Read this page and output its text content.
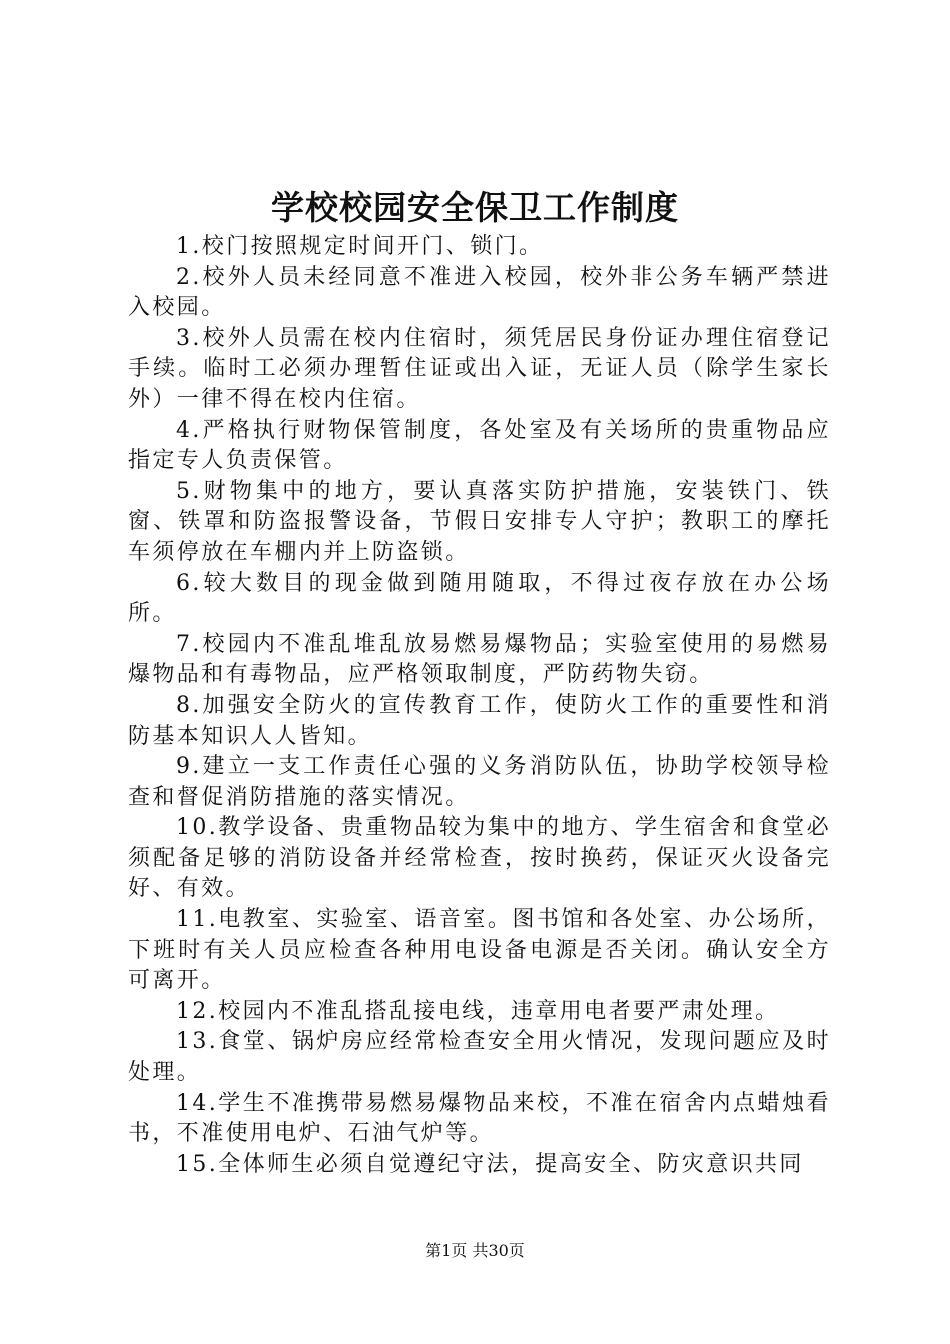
学校校园安全保卫工作制度

1.校门按照规定时间开门、锁门。

2.校外人员未经同意不准进入校园，校外非公务车辆严禁进入校园。

3.校外人员需在校内住宿时，须凭居民身份证办理住宿登记手续。临时工必须办理暂住证或出入证，无证人员（除学生家长外）一律不得在校内住宿。

4.严格执行财物保管制度，各处室及有关场所的贵重物品应指定专人负责保管。

5.财物集中的地方，要认真落实防护措施，安装铁门、铁窗、铁罩和防盗报警设备，节假日安排专人守护；教职工的摩托车须停放在车棚内并上防盗锁。

6.较大数目的现金做到随用随取，不得过夜存放在办公场所。

7.校园内不准乱堆乱放易燃易爆物品；实验室使用的易燃易爆物品和有毒物品，应严格领取制度，严防药物失窃。

8.加强安全防火的宣传教育工作，使防火工作的重要性和消防基本知识人人皆知。

9.建立一支工作责任心强的义务消防队伍，协助学校领导检查和督促消防措施的落实情况。

10.教学设备、贵重物品较为集中的地方、学生宿舍和食堂必须配备足够的消防设备并经常检查，按时换药，保证灭火设备完好、有效。

11.电教室、实验室、语音室。图书馆和各处室、办公场所，下班时有关人员应检查各种用电设备电源是否关闭。确认安全方可离开。

12.校园内不准乱搭乱接电线，违章用电者要严肃处理。

13.食堂、锅炉房应经常检查安全用火情况，发现问题应及时处理。

14.学生不准携带易燃易爆物品来校，不准在宿舍内点蜡烛看书，不准使用电炉、石油气炉等。

15.全体师生必须自觉遵纪守法，提高安全、防灾意识共同

第1页 共30页
